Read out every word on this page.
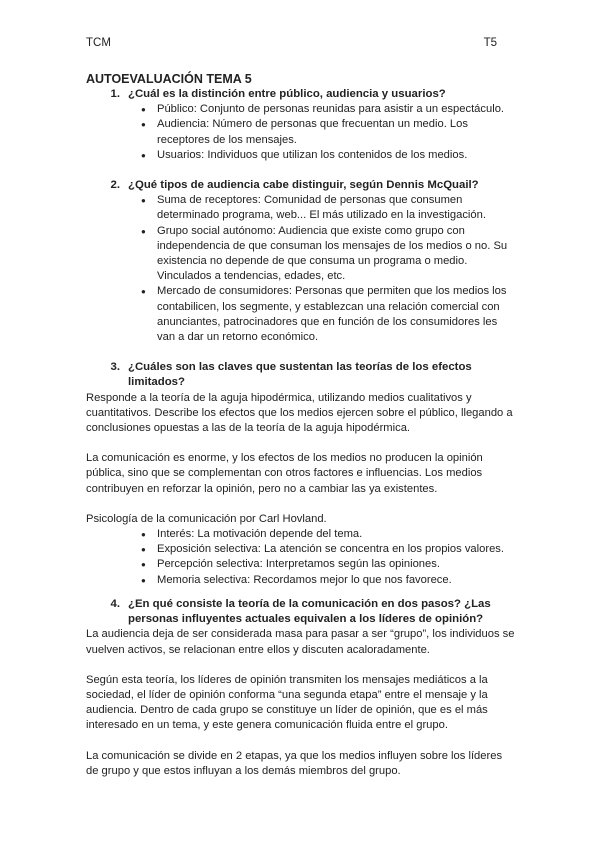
TCM	T5

AUTOEVALUACIÓN TEMA 5

1. ¿Cuál es la distinción entre público, audiencia y usuarios?
● Público: Conjunto de personas reunidas para asistir a un espectáculo.
● Audiencia: Número de personas que frecuentan un medio. Los receptores de los mensajes.
● Usuarios: Individuos que utilizan los contenidos de los medios.
2. ¿Qué tipos de audiencia cabe distinguir, según Dennis McQuail?
● Suma de receptores: Comunidad de personas que consumen determinado programa, web... El más utilizado en la investigación.
● Grupo social autónomo: Audiencia que existe como grupo con independencia de que consuman los mensajes de los medios o no. Su existencia no depende de que consuma un programa o medio. Vinculados a tendencias, edades, etc.
● Mercado de consumidores: Personas que permiten que los medios los contabilicen, los segmente, y establezcan una relación comercial con anunciantes, patrocinadores que en función de los consumidores les van a dar un retorno económico.
3. ¿Cuáles son las claves que sustentan las teorías de los efectos limitados?

Responde a la teoría de la aguja hipodérmica, utilizando medios cualitativos y cuantitativos. Describe los efectos que los medios ejercen sobre el público, llegando a conclusiones opuestas a las de la teoría de la aguja hipodérmica.

La comunicación es enorme, y los efectos de los medios no producen la opinión pública, sino que se complementan con otros factores e influencias. Los medios contribuyen en reforzar la opinión, pero no a cambiar las ya existentes.

Psicología de la comunicación por Carl Hovland.

● Interés: La motivación depende del tema.
● Exposición selectiva: La atención se concentra en los propios valores.
● Percepción selectiva: Interpretamos según las opiniones.
● Memoria selectiva: Recordamos mejor lo que nos favorece.
4. ¿En qué consiste la teoría de la comunicación en dos pasos? ¿Las personas influyentes actuales equivalen a los líderes de opinión?

La audiencia deja de ser considerada masa para pasar a ser “grupo”, los individuos se vuelven activos, se relacionan entre ellos y discuten acaloradamente.

Según esta teoría, los líderes de opinión transmiten los mensajes mediáticos a la sociedad, el líder de opinión conforma “una segunda etapa” entre el mensaje y la audiencia. Dentro de cada grupo se constituye un líder de opinión, que es el más interesado en un tema, y este genera comunicación fluida entre el grupo.

La comunicación se divide en 2 etapas, ya que los medios influyen sobre los líderes de grupo y que estos influyan a los demás miembros del grupo.
